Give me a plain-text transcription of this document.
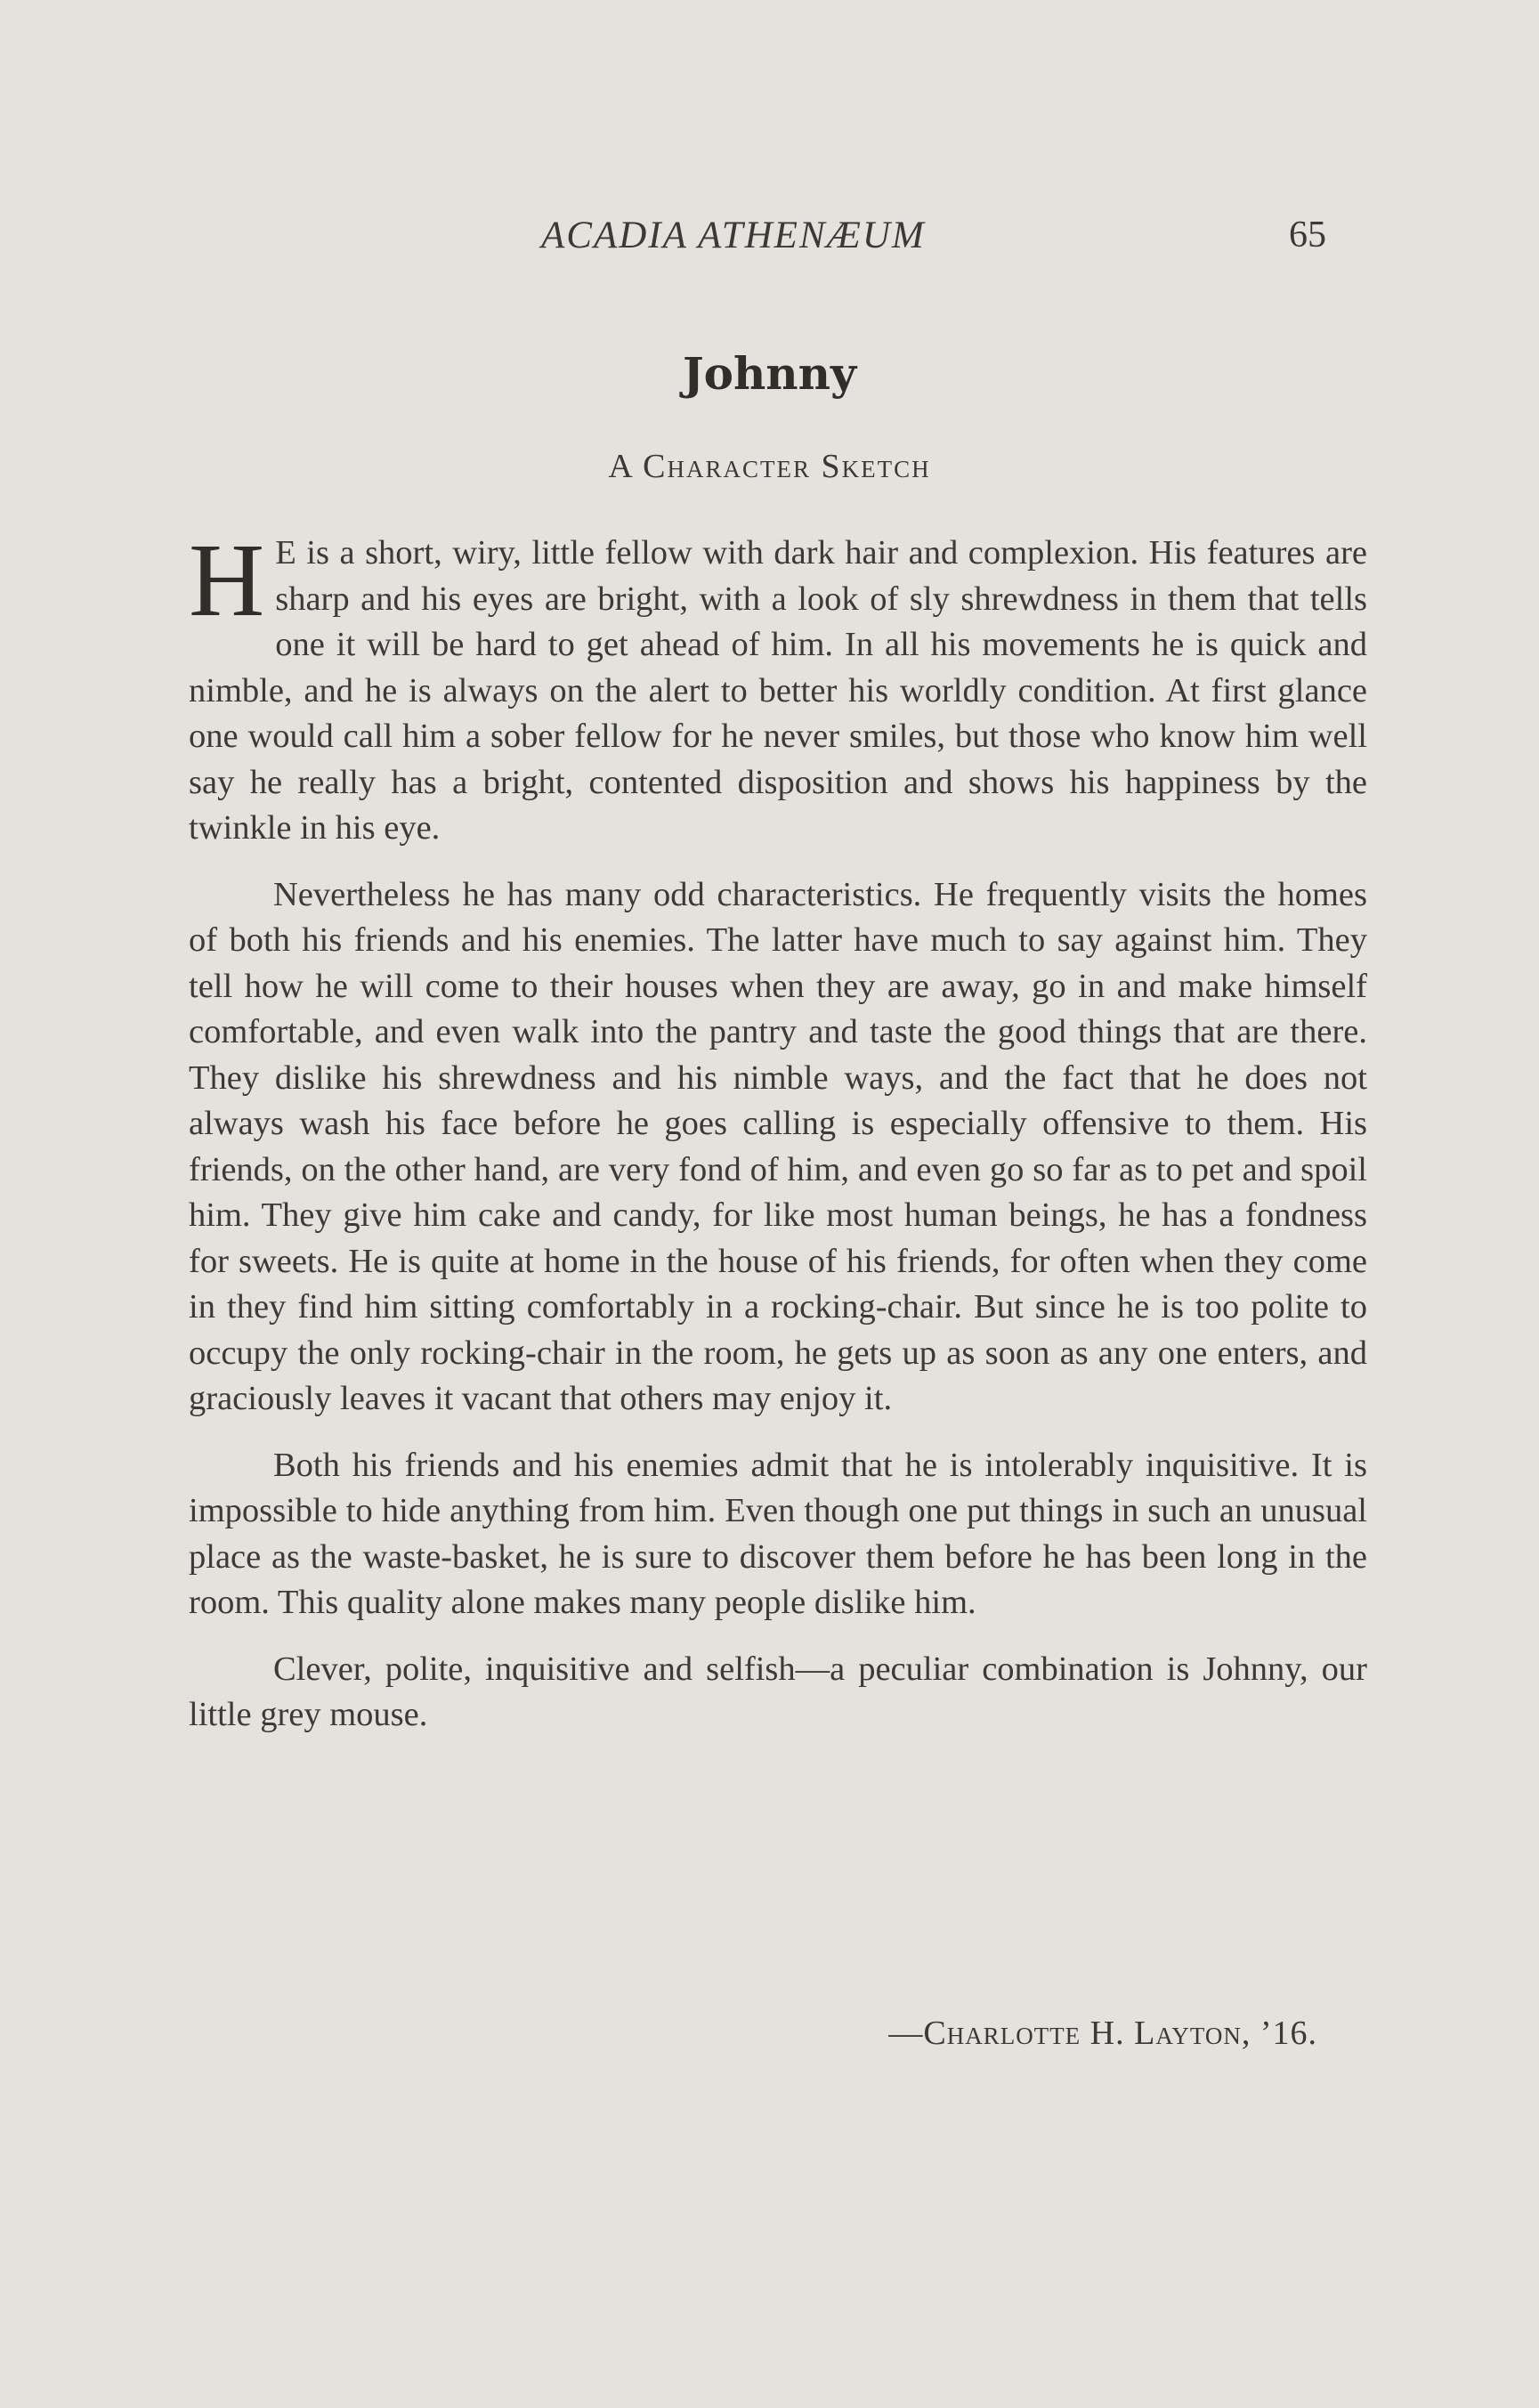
ACADIA ATHENÆUM	65
Johnny
A Character Sketch

H E is a short, wiry, little fellow with dark hair and complexion. His features are sharp and his eyes are bright, with a look of sly shrewdness in them that tells one it will be hard to get ahead of him. In all his movements he is quick and nimble, and he is always on the alert to better his worldly condition. At first glance one would call him a sober fellow for he never smiles, but those who know him well say he really has a bright, contented disposition and shows his happiness by the twinkle in his eye.

Nevertheless he has many odd characteristics. He frequently visits the homes of both his friends and his enemies. The latter have much to say against him. They tell how he will come to their houses when they are away, go in and make himself comfortable, and even walk into the pantry and taste the good things that are there. They dislike his shrewdness and his nimble ways, and the fact that he does not always wash his face before he goes calling is especially offensive to them. His friends, on the other hand, are very fond of him, and even go so far as to pet and spoil him. They give him cake and candy, for like most human beings, he has a fondness for sweets. He is quite at home in the house of his friends, for often when they come in they find him sitting comfortably in a rocking-chair. But since he is too polite to occupy the only rocking-chair in the room, he gets up as soon as any one enters, and graciously leaves it vacant that others may enjoy it.

Both his friends and his enemies admit that he is intolerably inquisitive. It is impossible to hide anything from him. Even though one put things in such an unusual place as the waste-basket, he is sure to discover them before he has been long in the room. This quality alone makes many people dislike him.

Clever, polite, inquisitive and selfish—a peculiar combination is Johnny, our little grey mouse.

—Charlotte H. Layton, ’16.
